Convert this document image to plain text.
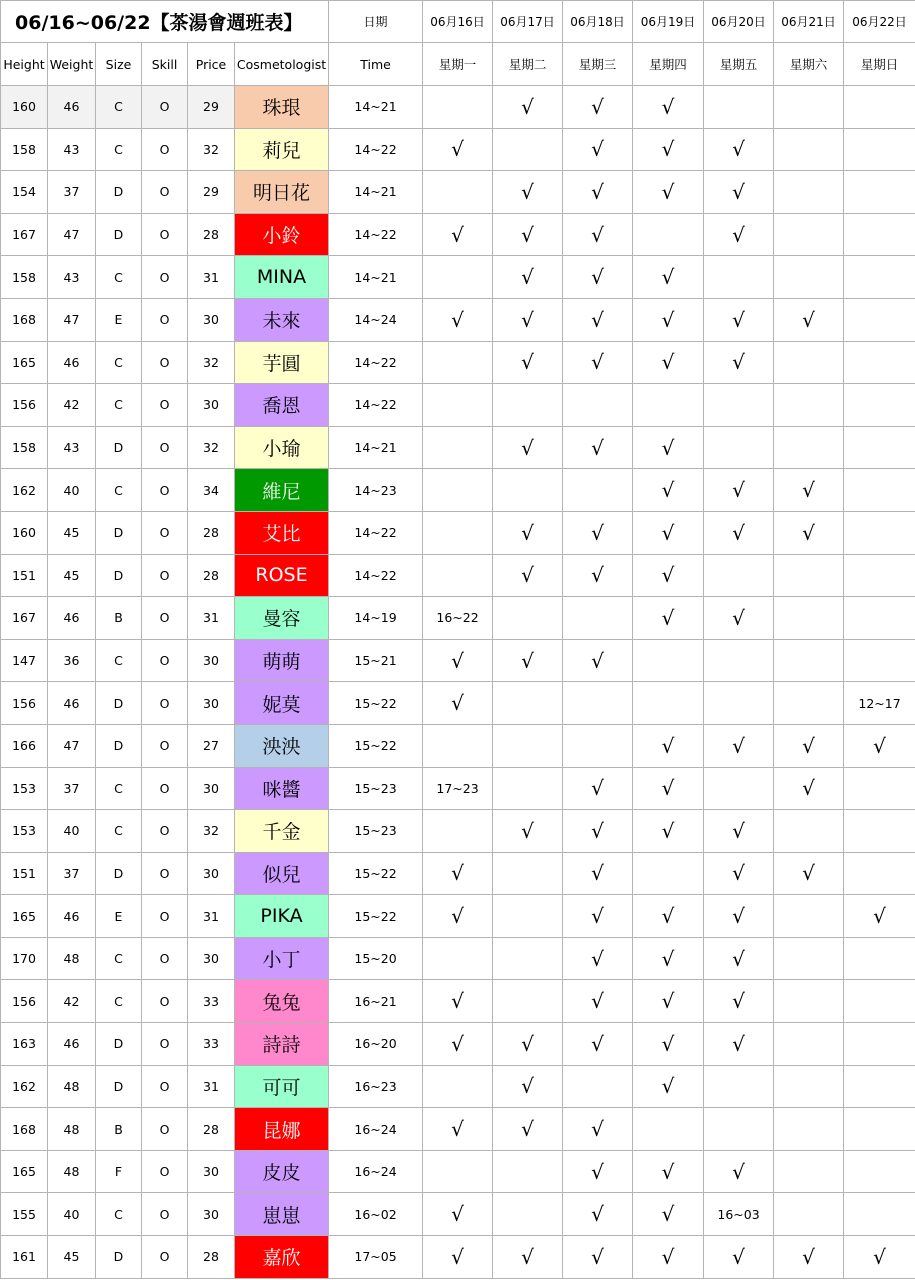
06/16~06/22【茶湯會週班表】						日期	06月16日	06月17日	06月18日	06月19日	06月20日	06月21日	06月22日
Height	Weight	Size	Skill	Price	Cosmetologist	Time	星期一	星期二	星期三	星期四	星期五	星期六	星期日
160	46	C	O	29	珠珢	14~21		√	√	√			
158	43	C	O	32	莉兒	14~22	√		√	√	√		
154	37	D	O	29	明日花	14~21		√	√	√	√		
167	47	D	O	28	小鈴	14~22	√	√	√		√		
158	43	C	O	31	MINA	14~21		√	√	√			
168	47	E	O	30	未來	14~24	√	√	√	√	√	√	
165	46	C	O	32	芋圓	14~22		√	√	√	√		
156	42	C	O	30	喬恩	14~22							
158	43	D	O	32	小瑜	14~21		√	√	√			
162	40	C	O	34	維尼	14~23				√	√	√	
160	45	D	O	28	艾比	14~22		√	√	√	√	√	
151	45	D	O	28	ROSE	14~22		√	√	√			
167	46	B	O	31	曼容	14~19	16~22			√	√		
147	36	C	O	30	萌萌	15~21	√	√	√				
156	46	D	O	30	妮莫	15~22	√						12~17
166	47	D	O	27	泱泱	15~22				√	√	√	√
153	37	C	O	30	咪醬	15~23	17~23		√	√		√	
153	40	C	O	32	千金	15~23		√	√	√	√		
151	37	D	O	30	似兒	15~22	√		√		√	√	
165	46	E	O	31	PIKA	15~22	√		√	√	√		√
170	48	C	O	30	小丁	15~20			√	√	√		
156	42	C	O	33	兔兔	16~21	√		√	√	√		
163	46	D	O	33	詩詩	16~20	√	√	√	√	√		
162	48	D	O	31	可可	16~23		√		√			
168	48	B	O	28	昆娜	16~24	√	√	√				
165	48	F	O	30	皮皮	16~24			√	√	√		
155	40	C	O	30	崽崽	16~02	√		√	√	16~03		
161	45	D	O	28	嘉欣	17~05	√	√	√	√	√	√	√
